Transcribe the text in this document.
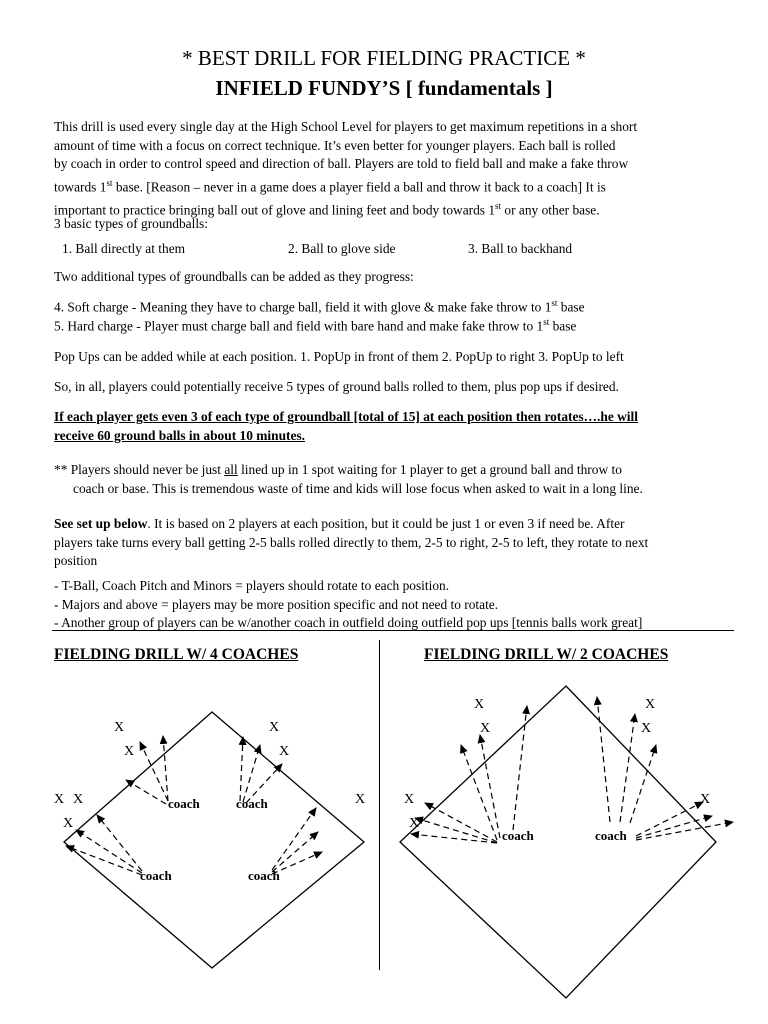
* BEST DRILL FOR FIELDING PRACTICE *
INFIELD FUNDY’S [ fundamentals ]
This drill is used every single day at the High School Level for players to get maximum repetitions in a short
amount of time with a focus on correct technique. It’s even better for younger players. Each ball is rolled
by coach in order to control speed and direction of ball. Players are told to field ball and make a fake throw
towards 1st base. [Reason – never in a game does a player field a ball and throw it back to a coach] It is
important to practice bringing ball out of glove and lining feet and body towards 1st or any other base.
3 basic types of groundballs:
1. Ball directly at them	2. Ball to glove side	3. Ball to backhand
Two additional types of groundballs can be added as they progress:
4. Soft charge - Meaning they have to charge ball, field it with glove & make fake throw to 1st base
5. Hard charge - Player must charge ball and field with bare hand and make fake throw to 1st base
Pop Ups can be added while at each position. 1. PopUp in front of them 2. PopUp to right 3. PopUp to left
So, in all, players could potentially receive 5 types of ground balls rolled to them, plus pop ups if desired.
If each player gets even 3 of each type of groundball [total of 15] at each position then rotates….he will
receive 60 ground balls in about 10 minutes.
** Players should never be just all lined up in 1 spot waiting for 1 player to get a ground ball and throw to
coach or base. This is tremendous waste of time and kids will lose focus when asked to wait in a long line.
See set up below. It is based on 2 players at each position, but it could be just 1 or even 3 if need be. After
players take turns every ball getting 2-5 balls rolled directly to them, 2-5 to right, 2-5 to left, they rotate to next
position
- T-Ball, Coach Pitch and Minors = players should rotate to each position.
- Majors and above = players may be more position specific and not need to rotate.
- Another group of players can be w/another coach in outfield doing outfield pop ups [tennis balls work great]
FIELDING DRILL W/ 4 COACHES	FIELDING DRILL W/ 2 COACHES
X
X
X X
X
X
X
X
X
X
X
X
X
X
X
coach	coach
coach	coach
coach	coach
